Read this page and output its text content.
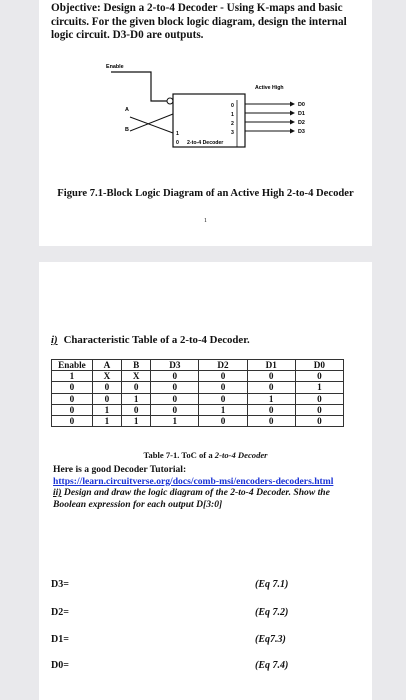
Objective: Design a 2-to-4 Decoder - Using K-maps and basic circuits. For the given block logic diagram, design the internal logic circuit. D3-D0 are outputs.
Enable
Active High
A
B
1
0
0
1
2
3
D0
D1
D2
D3
2-to-4 Decoder
Figure 7.1-Block Logic Diagram of an Active High 2-to-4 Decoder
1
i) Characteristic Table of a 2-to-4 Decoder.
Enable	A	B	D3	D2	D1	D0
1	X	X	0	0	0	0
0	0	0	0	0	0	1
0	0	1	0	0	1	0
0	1	0	0	1	0	0
0	1	1	1	0	0	0
Table 7-1. ToC of a 2-to-4 Decoder
Here is a good Decoder Tutorial:
https://learn.circuitverse.org/docs/comb-msi/encoders-decoders.html
ii) Design and draw the logic diagram of the 2-to-4 Decoder. Show the Boolean expression for each output D[3:0]
D3=	(Eq 7.1)
D2=	(Eq 7.2)
D1=	(Eq7.3)
D0=	(Eq 7.4)
